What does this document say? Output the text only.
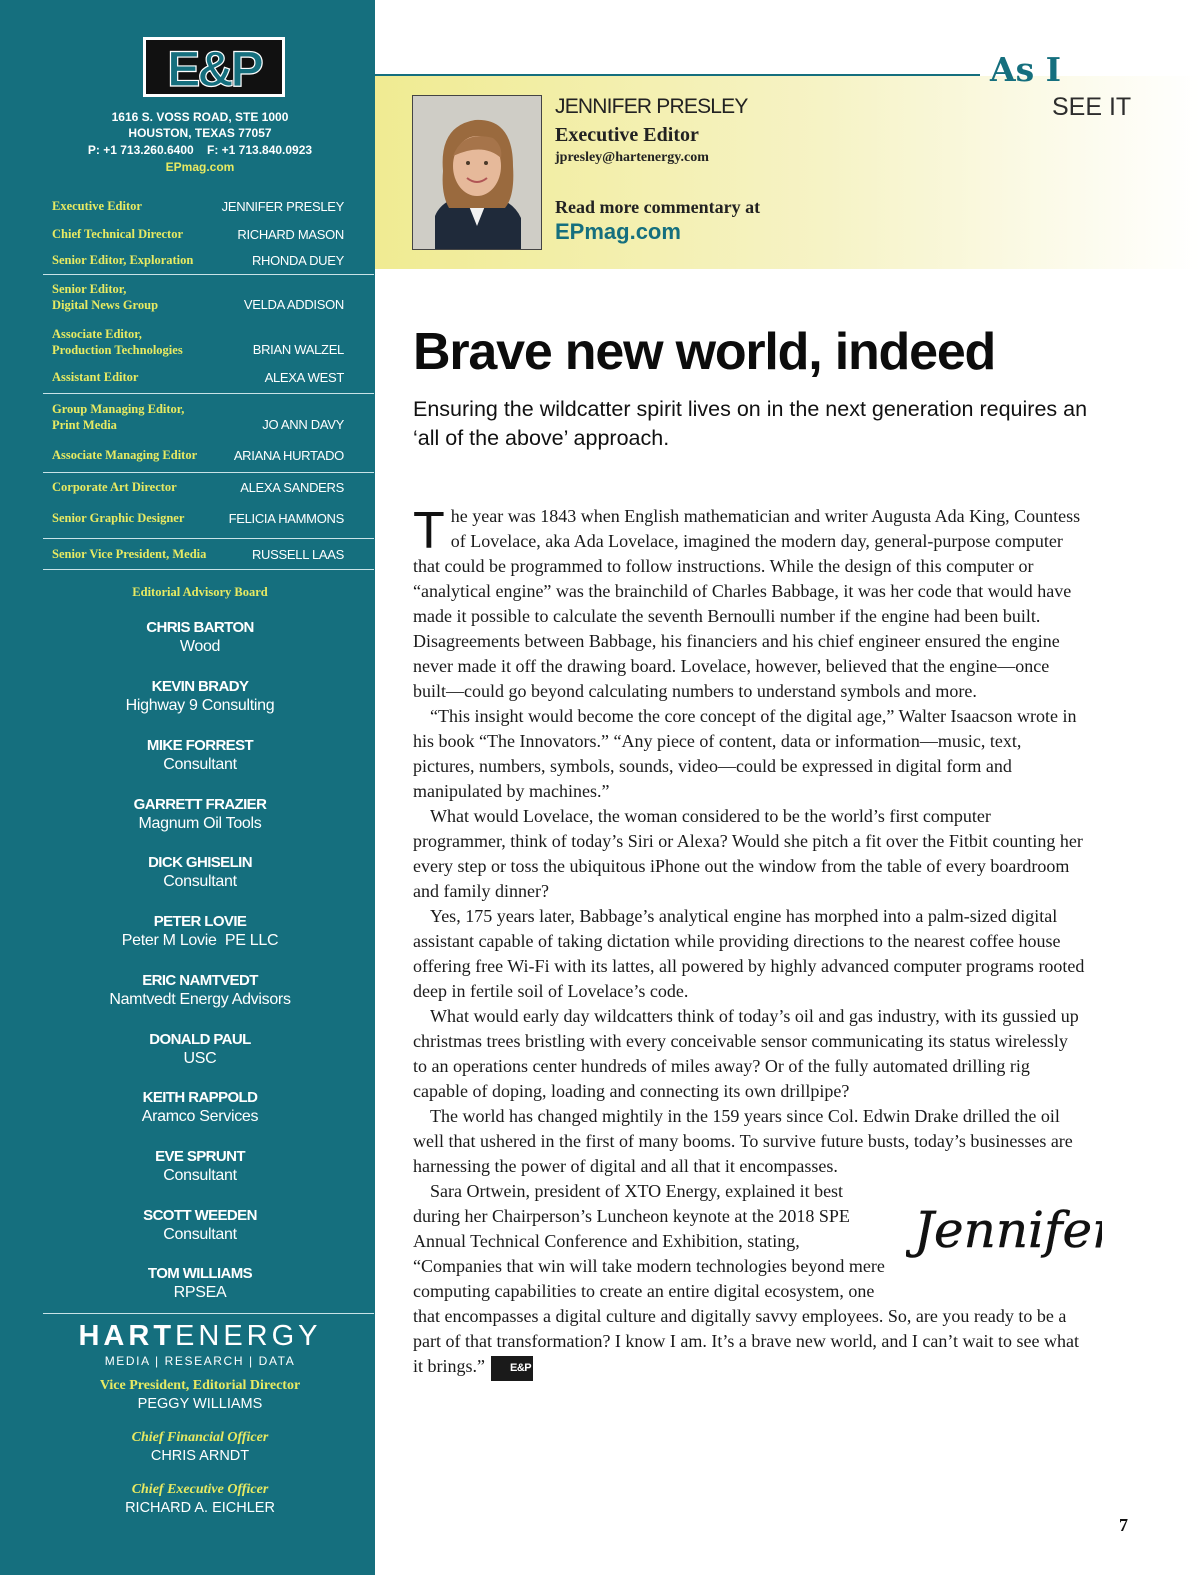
E&P
1616 S. VOSS ROAD, STE 1000
HOUSTON, TEXAS 77057
P: +1 713.260.6400    F: +1 713.840.0923
EPmag.com
Executive Editor	JENNIFER PRESLEY
Chief Technical Director	RICHARD MASON
Senior Editor, Exploration	RHONDA DUEY
Senior Editor,
Digital News Group	VELDA ADDISON
Associate Editor,
Production Technologies	BRIAN WALZEL
Assistant Editor	ALEXA WEST
Group Managing Editor,
Print Media	JO ANN DAVY
Associate Managing Editor	ARIANA HURTADO
Corporate Art Director	ALEXA SANDERS
Senior Graphic Designer	FELICIA HAMMONS
Senior Vice President, Media	RUSSELL LAAS
Editorial Advisory Board
CHRIS BARTON
Wood
KEVIN BRADY
Highway 9 Consulting
MIKE FORREST
Consultant
GARRETT FRAZIER
Magnum Oil Tools
DICK GHISELIN
Consultant
PETER LOVIE
Peter M Lovie  PE LLC
ERIC NAMTVEDT
Namtvedt Energy Advisors
DONALD PAUL
USC
KEITH RAPPOLD
Aramco Services
EVE SPRUNT
Consultant
SCOTT WEEDEN
Consultant
TOM WILLIAMS
RPSEA
HARTENERGY
MEDIA | RESEARCH | DATA
Vice President, Editorial Director
PEGGY WILLIAMS
Chief Financial Officer
CHRIS ARNDT
Chief Executive Officer
RICHARD A. EICHLER
As I
SEE IT
JENNIFER PRESLEY
Executive Editor
jpresley@hartenergy.com
Read more commentary at
EPmag.com
Brave new world, indeed
Ensuring the wildcatter spirit lives on in the next generation requires an ‘all of the above’ approach.

The year was 1843 when English mathematician and writer Augusta Ada King, Countess of Lovelace, aka Ada Lovelace, imagined the modern day, general-purpose computer that could be programmed to follow instructions. While the design of this computer or “analytical engine” was the brainchild of Charles Babbage, it was her code that would have made it possible to calculate the seventh Bernoulli number if the engine had been built. Disagreements between Babbage, his financiers and his chief engineer ensured the engine never made it off the drawing board. Lovelace, however, believed that the engine—once built—could go beyond calculating numbers to understand symbols and more.

“This insight would become the core concept of the digital age,” Walter Isaacson wrote in his book “The Innovators.” “Any piece of content, data or information—music, text, pictures, numbers, symbols, sounds, video—could be expressed in digital form and manipulated by machines.”

What would Lovelace, the woman considered to be the world’s first computer programmer, think of today’s Siri or Alexa? Would she pitch a fit over the Fitbit counting her every step or toss the ubiquitous iPhone out the window from the table of every boardroom and family dinner?

Yes, 175 years later, Babbage’s analytical engine has morphed into a palm-sized digital assistant capable of taking dictation while providing directions to the nearest coffee house offering free Wi-Fi with its lattes, all powered by highly advanced computer programs rooted deep in fertile soil of Lovelace’s code.

What would early day wildcatters think of today’s oil and gas industry, with its gussied up christmas trees bristling with every conceivable sensor communicating its status wirelessly to an operations center hundreds of miles away? Or of the fully automated drilling rig capable of doping, loading and connecting its own drillpipe?

The world has changed mightily in the 159 years since Col. Edwin Drake drilled the oil well that ushered in the first of many booms. To survive future busts, today’s businesses are harnessing the power of digital and all that it encompasses.

Jennifer
Sara Ortwein, president of XTO Energy, explained it best during her Chairperson’s Luncheon keynote at the 2018 SPE Annual Technical Conference and Exhibition, stating, “Companies that win will take modern technologies beyond mere computing capabilities to create an entire digital ecosystem, one that encompasses a digital culture and digitally savvy employees. So, are you ready to be a part of that transformation? I know I am. It’s a brave new world, and I can’t wait to see what it brings.” E&P

7
